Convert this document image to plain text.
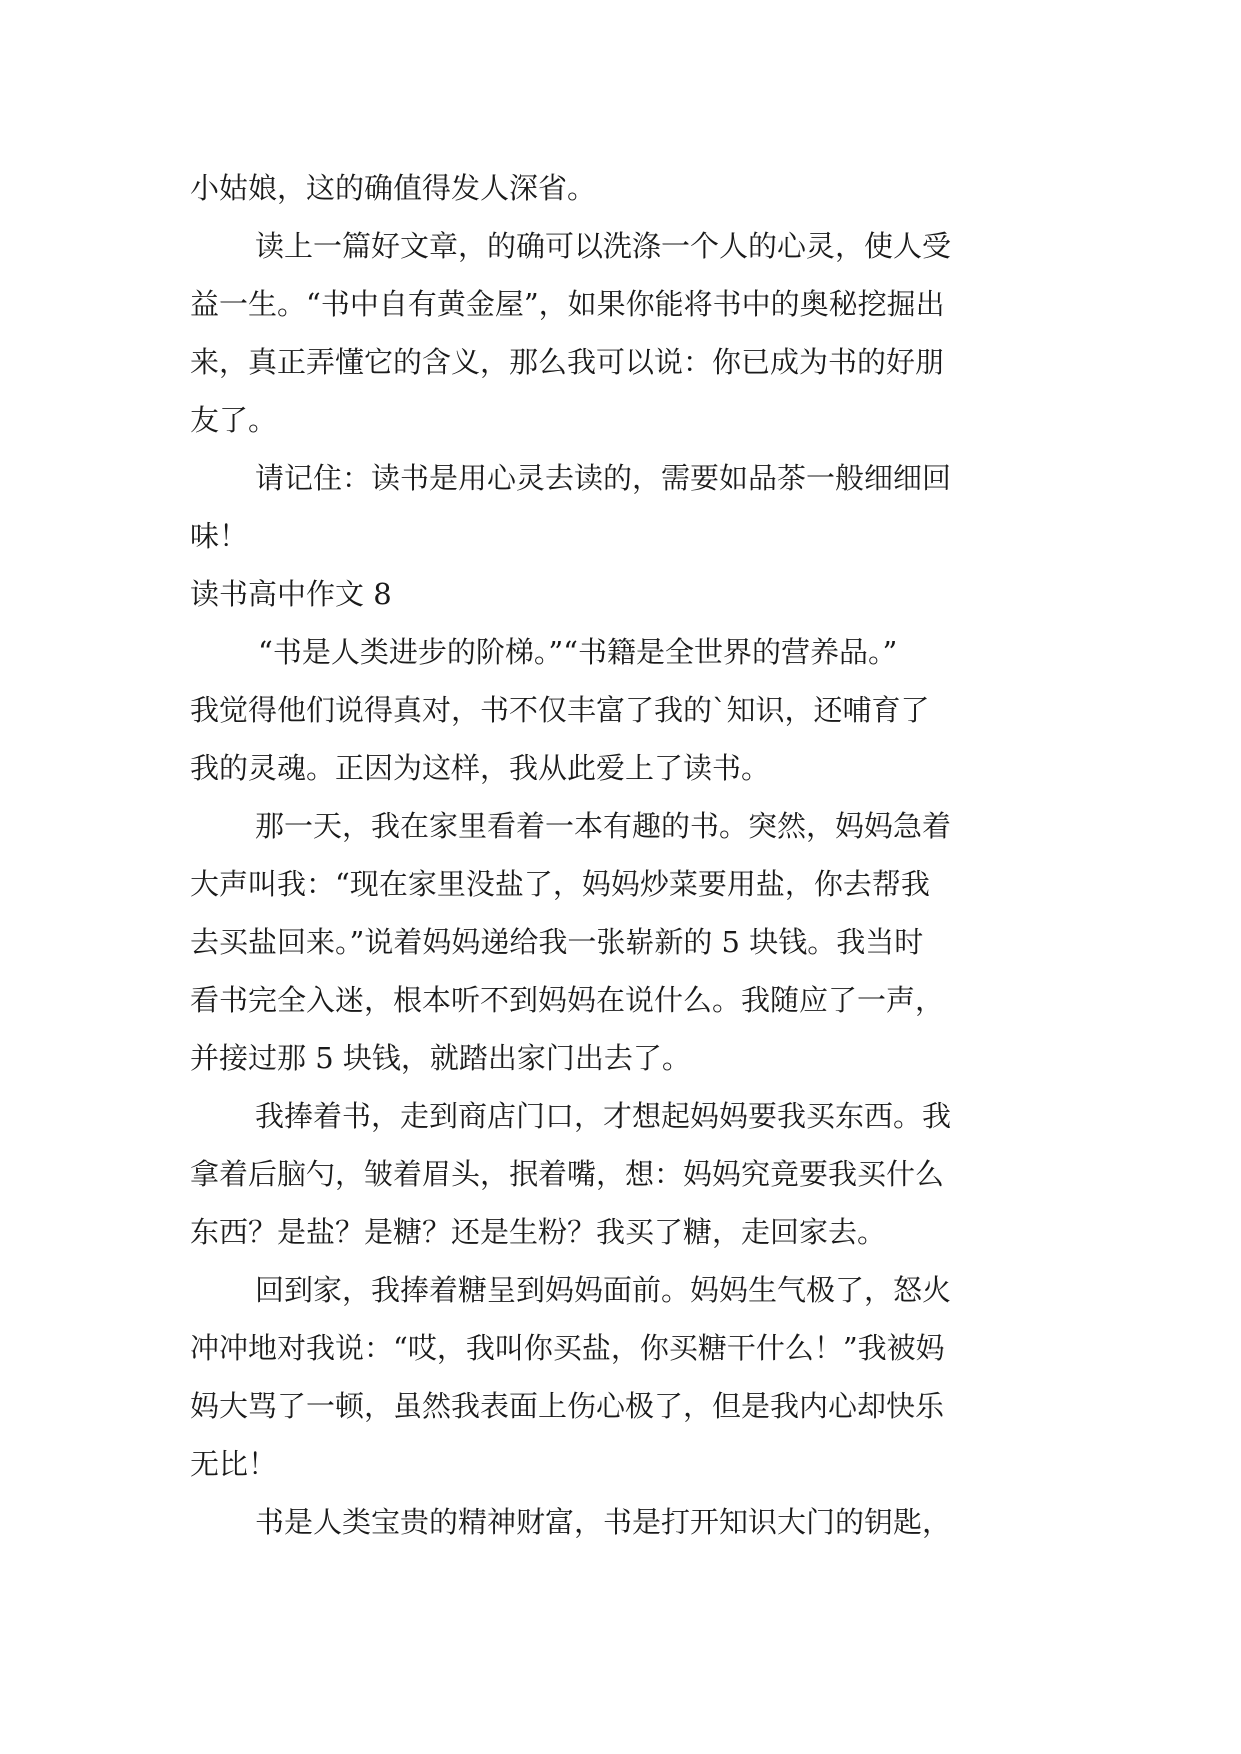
小姑娘，这的确值得发人深省。

读上一篇好文章，的确可以洗涤一个人的心灵，使人受

益一生。“书中自有黄金屋”，如果你能将书中的奥秘挖掘出

来，真正弄懂它的含义，那么我可以说：你已成为书的好朋

友了。

请记住：读书是用心灵去读的，需要如品茶一般细细回

味！

读书高中作文 8

“书是人类进步的阶梯。”“书籍是全世界的营养品。”

我觉得他们说得真对，书不仅丰富了我的`知识，还哺育了

我的灵魂。正因为这样，我从此爱上了读书。

那一天，我在家里看着一本有趣的书。突然，妈妈急着

大声叫我：“现在家里没盐了，妈妈炒菜要用盐，你去帮我

去买盐回来。”说着妈妈递给我一张崭新的 5 块钱。我当时

看书完全入迷，根本听不到妈妈在说什么。我随应了一声，

并接过那 5 块钱，就踏出家门出去了。

我捧着书，走到商店门口，才想起妈妈要我买东西。我

拿着后脑勺，皱着眉头，抿着嘴，想：妈妈究竟要我买什么

东西？是盐？是糖？还是生粉？我买了糖，走回家去。

回到家，我捧着糖呈到妈妈面前。妈妈生气极了，怒火

冲冲地对我说：“哎，我叫你买盐，你买糖干什么！”我被妈

妈大骂了一顿，虽然我表面上伤心极了，但是我内心却快乐

无比！

书是人类宝贵的精神财富，书是打开知识大门的钥匙，
